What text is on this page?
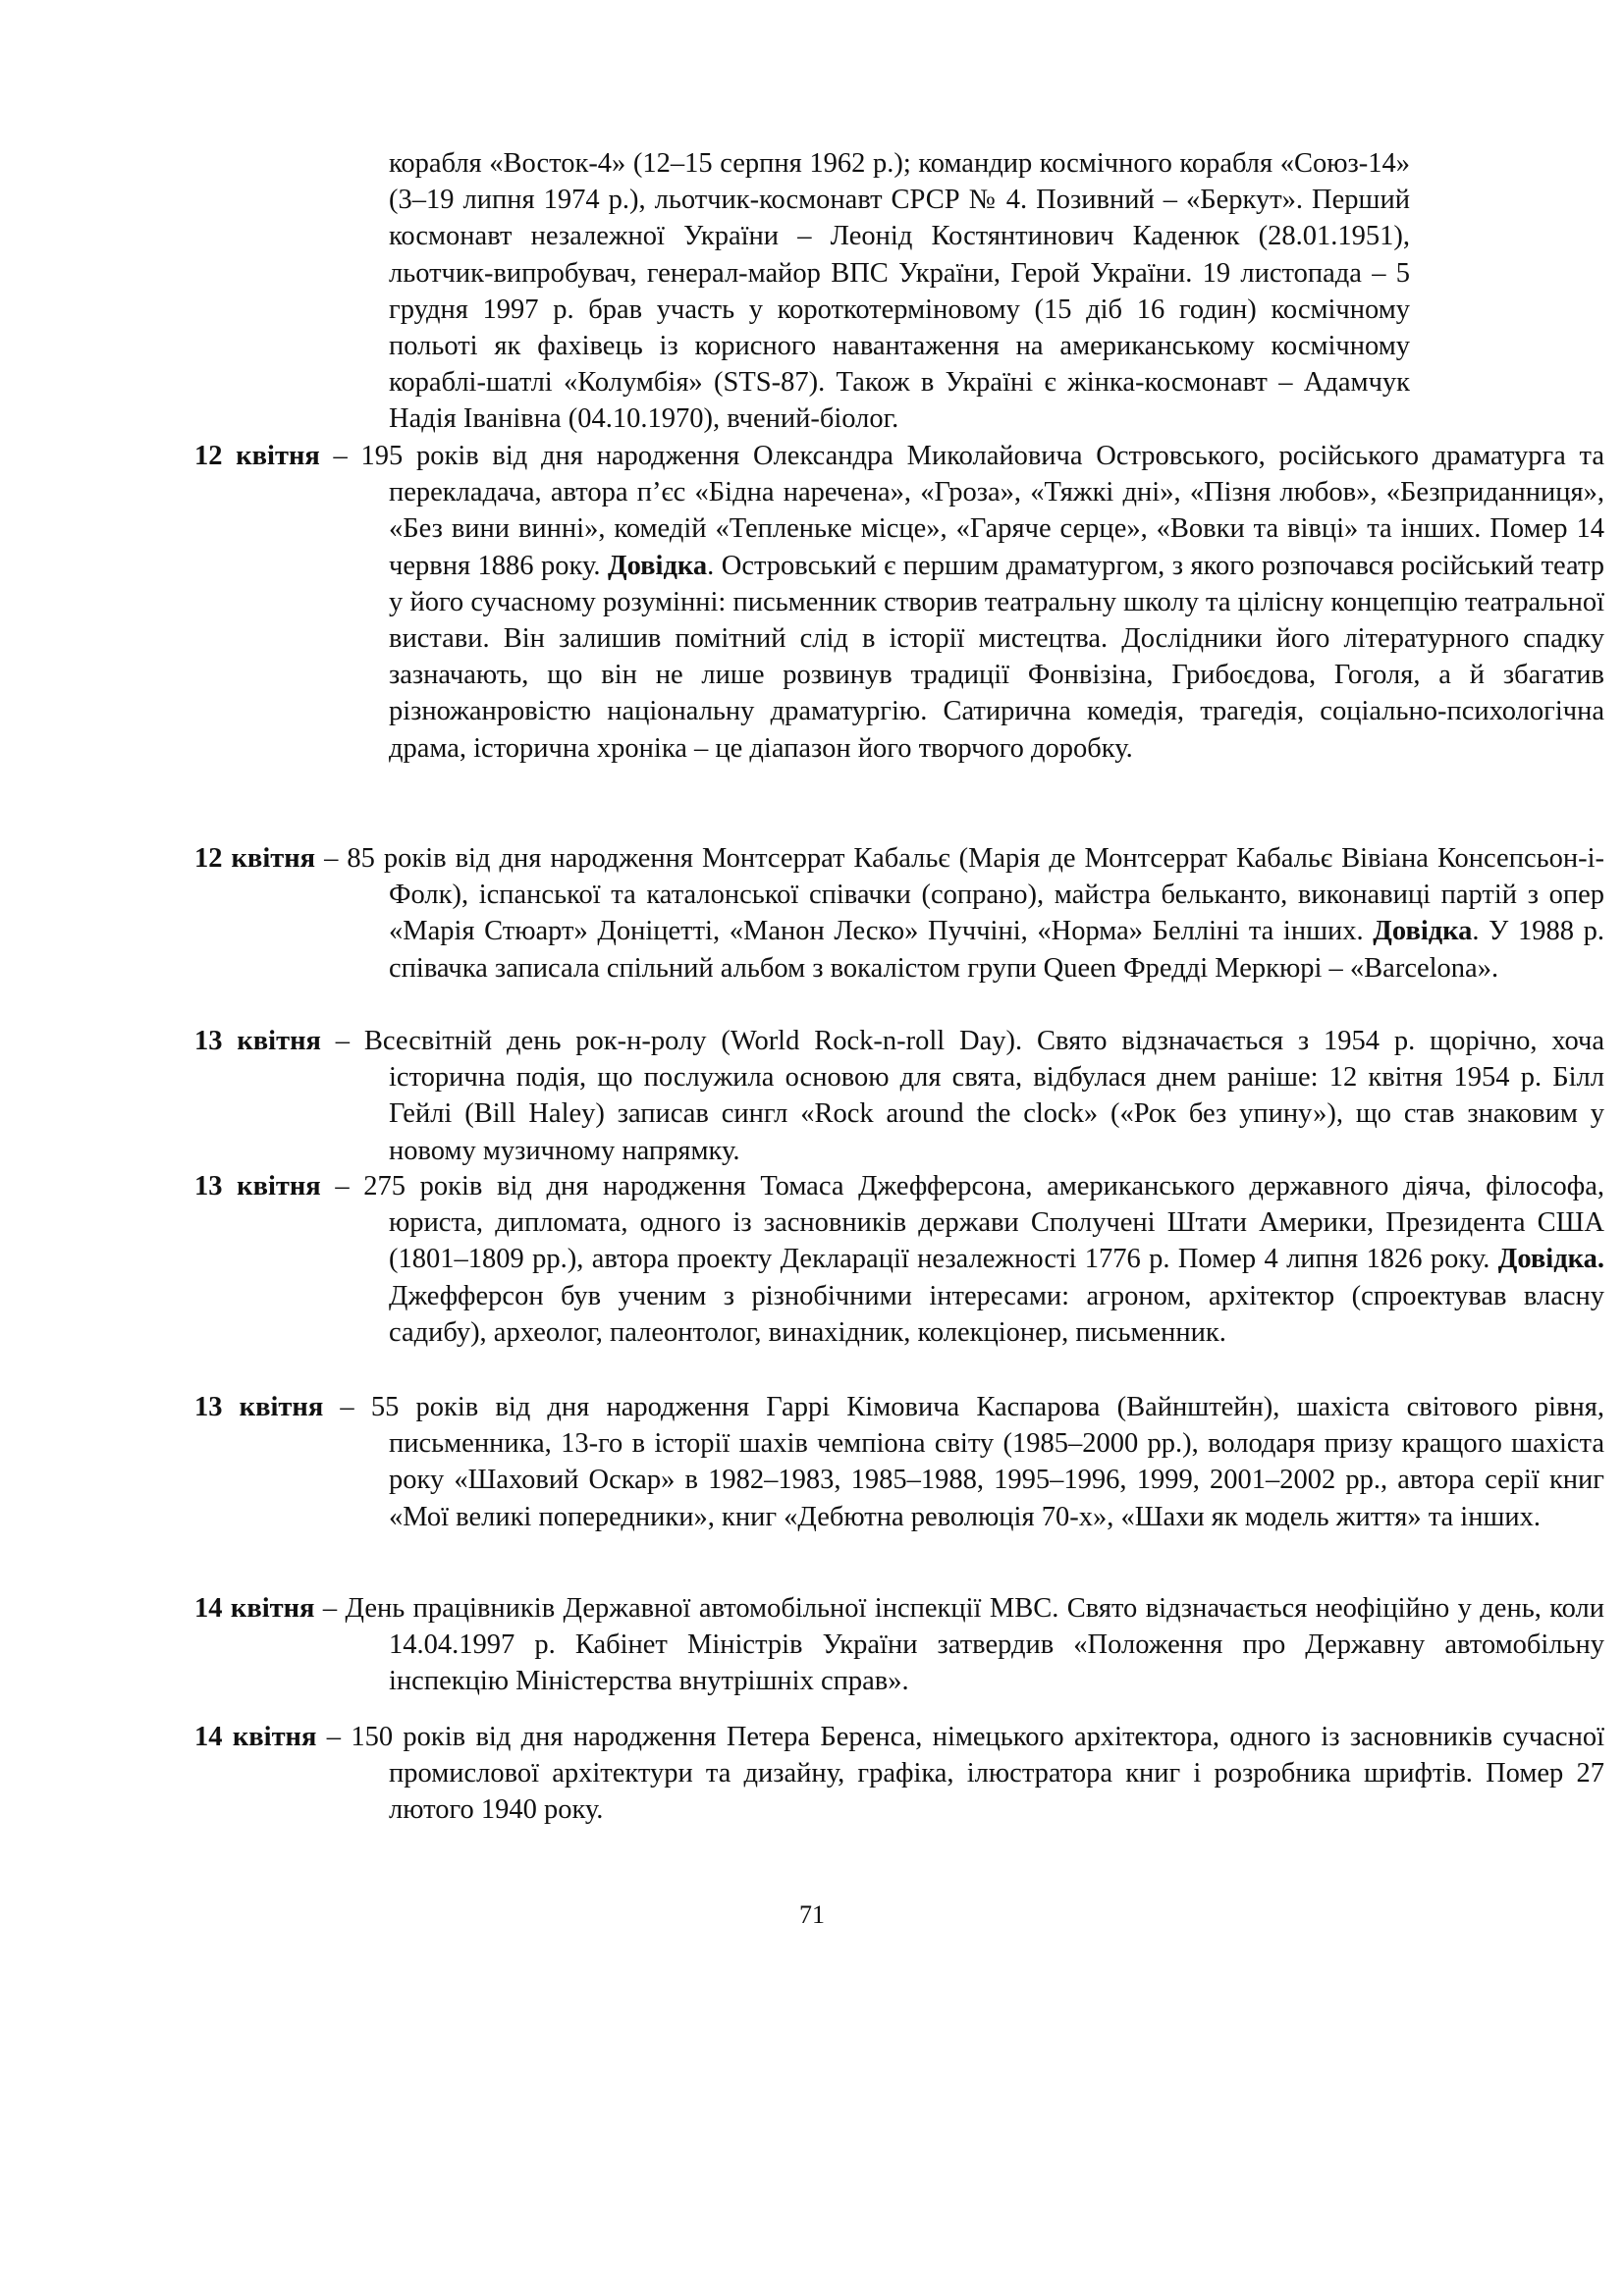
корабля «Восток-4» (12–15 серпня 1962 р.); командир космічного корабля «Союз-14» (3–19 липня 1974 р.), льотчик-космонавт СРСР № 4. Позивний – «Беркут». Перший космонавт незалежної України – Леонід Костянтинович Каденюк (28.01.1951), льотчик-випробувач, генерал-майор ВПС України, Герой України. 19 листопада – 5 грудня 1997 р. брав участь у короткотерміновому (15 діб 16 годин) космічному польоті як фахівець із корисного навантаження на американському космічному кораблі-шатлі «Колумбія» (STS-87). Також в Україні є жінка-космонавт – Адамчук Надія Іванівна (04.10.1970), вчений-біолог.
12 квітня – 195 років від дня народження Олександра Миколайовича Островського, російського драматурга та перекладача, автора п’єс «Бідна наречена», «Гроза», «Тяжкі дні», «Пізня любов», «Безприданниця», «Без вини винні», комедій «Тепленьке місце», «Гаряче серце», «Вовки та вівці» та інших. Помер 14 червня 1886 року. Довідка. Островський є першим драматургом, з якого розпочався російський театр у його сучасному розумінні: письменник створив театральну школу та цілісну концепцію театральної вистави. Він залишив помітний слід в історії мистецтва. Дослідники його літературного спадку зазначають, що він не лише розвинув традиції Фонвізіна, Грибоєдова, Гоголя, а й збагатив різножанровістю національну драматургію. Сатирична комедія, трагедія, соціально-психологічна драма, історична хроніка – це діапазон його творчого доробку.
12 квітня – 85 років від дня народження Монтсеррат Кабальє (Марія де Монтсеррат Кабальє Вівіана Консепсьон-і-Фолк), іспанської та каталонської співачки (сопрано), майстра бельканто, виконавиці партій з опер «Марія Стюарт» Доніцетті, «Манон Леско» Пуччіні, «Норма» Белліні та інших. Довідка. У 1988 р. співачка записала спільний альбом з вокалістом групи Queen Фредді Меркюрі – «Barcelona».
13 квітня – Всесвітній день рок-н-ролу (World Rock-n-roll Day). Свято відзначається з 1954 р. щорічно, хоча історична подія, що послужила основою для свята, відбулася днем раніше: 12 квітня 1954 р. Білл Гейлі (Bill Haley) записав сингл «Rock around the clock» («Рок без упину»), що став знаковим у новому музичному напрямку.
13 квітня – 275 років від дня народження Томаса Джефферсона, американського державного діяча, філософа, юриста, дипломата, одного із засновників держави Сполучені Штати Америки, Президента США (1801–1809 рр.), автора проекту Декларації незалежності 1776 р. Помер 4 липня 1826 року. Довідка. Джефферсон був ученим з різнобічними інтересами: агроном, архітектор (спроектував власну садибу), археолог, палеонтолог, винахідник, колекціонер, письменник.
13 квітня – 55 років від дня народження Гаррі Кімовича Каспарова (Вайнштейн), шахіста світового рівня, письменника, 13-го в історії шахів чемпіона світу (1985–2000 рр.), володаря призу кращого шахіста року «Шаховий Оскар» в 1982–1983, 1985–1988, 1995–1996, 1999, 2001–2002 рр., автора серії книг «Мої великі попередники», книг «Дебютна революція 70-х», «Шахи як модель життя» та інших.
14 квітня – День працівників Державної автомобільної інспекції МВС. Свято відзначається неофіційно у день, коли 14.04.1997 р. Кабінет Міністрів України затвердив «Положення про Державну автомобільну інспекцію Міністерства внутрішніх справ».
14 квітня – 150 років від дня народження Петера Беренса, німецького архітектора, одного із засновників сучасної промислової архітектури та дизайну, графіка, ілюстратора книг і розробника шрифтів. Помер 27 лютого 1940 року.
71
